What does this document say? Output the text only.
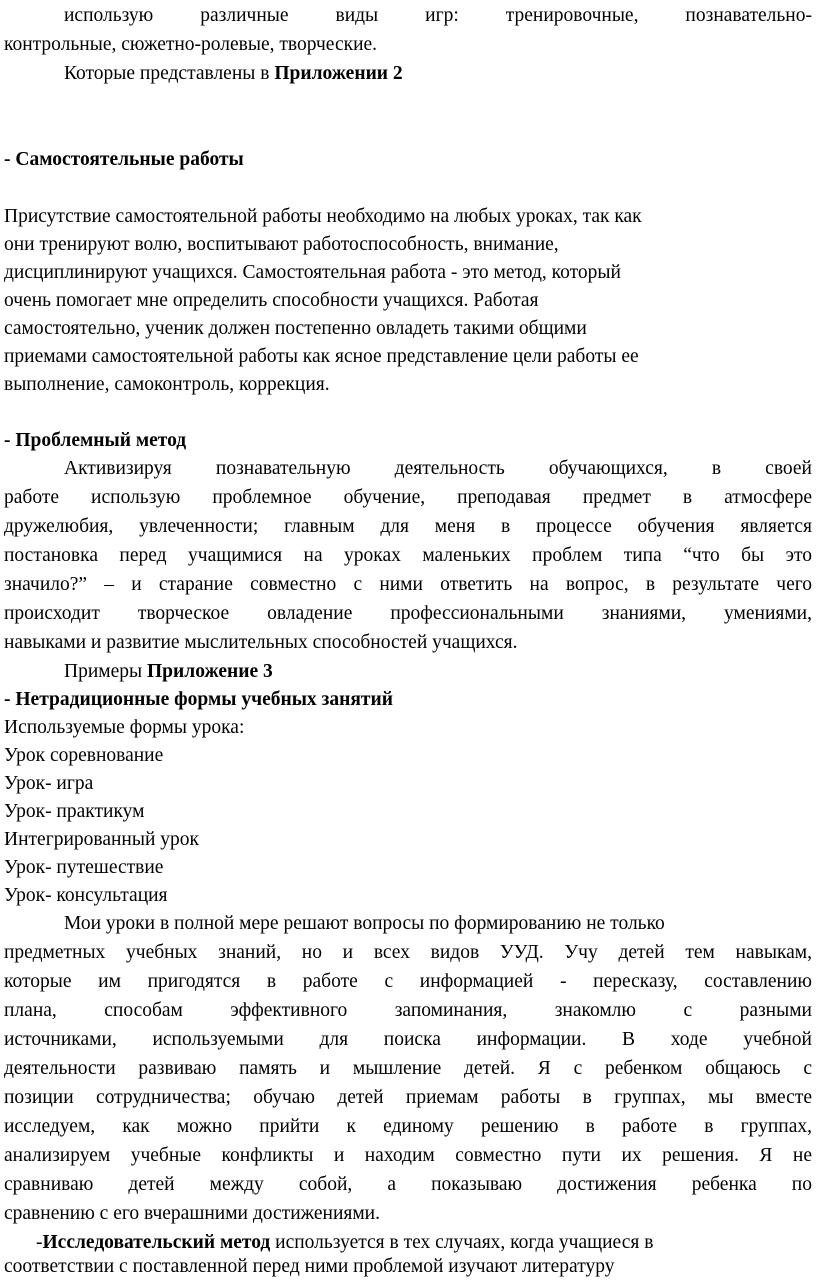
использую различные виды игр: тренировочные, познавательно-
контрольные, сюжетно-ролевые, творческие.
Которые представлены в Приложении 2
- Самостоятельные работы
Присутствие самостоятельной работы необходимо на любых уроках, так как
они тренируют волю, воспитывают работоспособность, внимание,
дисциплинируют учащихся. Самостоятельная работа - это метод, который
очень помогает мне определить способности учащихся. Работая
самостоятельно, ученик должен постепенно овладеть такими общими
приемами самостоятельной работы как ясное представление цели работы ее
выполнение, самоконтроль, коррекция.
- Проблемный метод
Активизируя познавательную деятельность обучающихся, в своей
работе использую проблемное обучение, преподавая предмет в атмосфере
дружелюбия, увлеченности; главным для меня в процессе обучения является
постановка перед учащимися на уроках маленьких проблем типа “что бы это
значило?” – и старание совместно с ними ответить на вопрос, в результате чего
происходит творческое овладение профессиональными знаниями, умениями,
навыками и развитие мыслительных способностей учащихся.
Примеры Приложение 3
- Нетрадиционные формы учебных занятий
Используемые формы урока:
Урок соревнование
Урок- игра
Урок- практикум
Интегрированный урок
Урок- путешествие
Урок- консультация
Мои уроки в полной мере решают вопросы по формированию не только
предметных учебных знаний, но и всех видов УУД. Учу детей тем навыкам,
которые им пригодятся в работе с информацией - пересказу, составлению
плана, способам эффективного запоминания, знакомлю с разными
источниками, используемыми для поиска информации. В ходе учебной
деятельности развиваю память и мышление детей. Я с ребенком общаюсь с
позиции сотрудничества; обучаю детей приемам работы в группах, мы вместе
исследуем, как можно прийти к единому решению в работе в группах,
анализируем учебные конфликты и находим совместно пути их решения. Я не
сравниваю детей между собой, а показываю достижения ребенка по
сравнению с его вчерашними достижениями.
-Исследовательский метод используется в тех случаях, когда учащиеся в
соответствии с поставленной перед ними проблемой изучают литературу
